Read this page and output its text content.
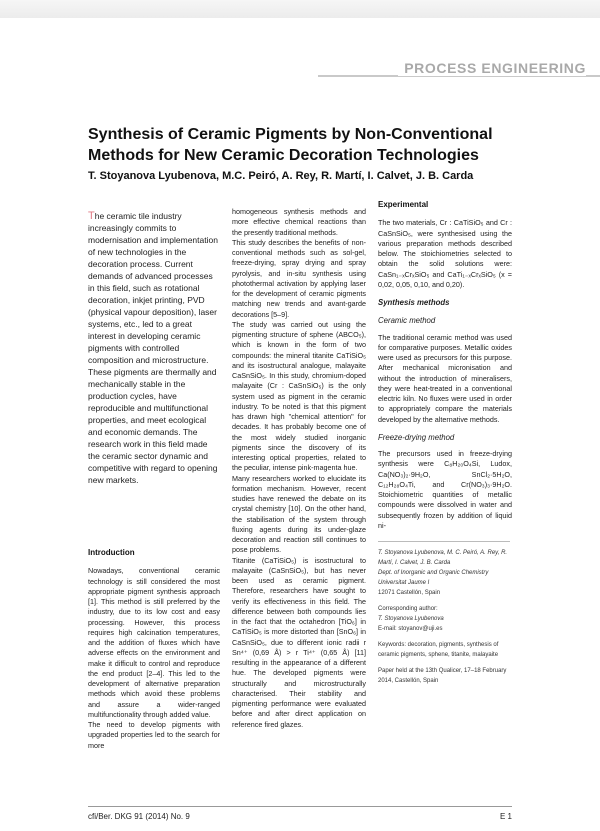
PROCESS ENGINEERING
Synthesis of Ceramic Pigments by Non-Conventional Methods for New Ceramic Decoration Technologies
T. Stoyanova Lyubenova, M.C. Peiró, A. Rey, R. Martí, I. Calvet, J. B. Carda
The ceramic tile industry increasingly commits to modernisation and implementation of new technologies in the decoration process. Current demands of advanced processes in this field, such as rotational decoration, inkjet printing, PVD (physical vapour deposition), laser systems, etc., led to a great interest in developing ceramic pigments with controlled composition and microstructure. These pigments are thermally and mechanically stable in the production cycles, have reproducible and multifunctional properties, and meet ecological and economic demands. The research work in this field made the ceramic sector dynamic and competitive with regard to opening new markets.
Introduction

Nowadays, conventional ceramic technology is still considered the most appropriate pigment synthesis approach [1]. This method is still preferred by the industry, due to its low cost and easy processing. However, this process requires high calcination temperatures, and the addition of fluxes which have adverse effects on the environment and make it difficult to control and reproduce the end product [2–4]. This led to the development of alternative preparation methods which avoid these problems and assure a wider-ranged multifunctionality through added value.

The need to develop pigments with upgraded properties led to the search for more

homogeneous synthesis methods and more effective chemical reactions than the presently traditional methods.

This study describes the benefits of non-conventional methods such as sol-gel, freeze-drying, spray drying and spray pyrolysis, and in-situ synthesis using photothermal activation by applying laser for the development of ceramic pigments matching new trends and avant-garde decorations [5–9].

The study was carried out using the pigmenting structure of sphene (ABCO₅), which is known in the form of two compounds: the mineral titanite CaTiSiO₅ and its isostructural analogue, malayaite CaSnSiO₅. In this study, chromium-doped malayaite (Cr : CaSnSiO₅) is the only system used as pigment in the ceramic industry. To be noted is that this pigment has drawn high "chemical attention" for decades. It has probably become one of the most widely studied inorganic pigments since the discovery of its interesting optical properties, related to the peculiar, intense pink-magenta hue.

Many researchers worked to elucidate its formation mechanism. However, recent studies have renewed the debate on its crystal chemistry [10]. On the other hand, the stabilisation of the system through fluxing agents during its under-glaze decoration and reaction still continues to pose problems.

Titanite (CaTiSiO₅) is isostructural to malayaite (CaSnSiO₅), but has never been used as ceramic pigment. Therefore, researchers have sought to verify its effectiveness in this field. The difference between both compounds lies in the fact that the octahedron [TiO₆] in CaTiSiO₅ is more distorted than [SnO₆] in CaSnSiO₅, due to different ionic radii r Sn⁴⁺ (0,69 Å) > r Ti⁴⁺ (0,65 Å) [11] resulting in the appearance of a different hue. The developed pigments were structurally and microstructurally characterised. Their stability and pigmenting performance were evaluated before and after direct application on reference fired glazes.

Experimental

The two materials, Cr : CaTiSiO₅ and Cr : CaSnSiO₅, were synthesised using the various preparation methods described below. The stoichiometries selected to obtain the solid solutions were: CaSn₁₋ₓCrₓSiO₅ and CaTi₁₋ₓCrₓSiO₅ (x = 0,02, 0,05, 0,10, and 0,20).

Synthesis methods
Ceramic method

The traditional ceramic method was used for comparative purposes. Metallic oxides were used as precursors for this purpose. After mechanical micronisation and without the introduction of mineralisers, they were heat-treated in a conventional electric kiln. No fluxes were used in order to appropriately compare the materials developed by the alternative methods.

Freeze-drying method

The precursors used in freeze-drying synthesis were C₈H₂₀O₄Si, Ludox, Ca(NO₃)₂·9H₂O, SnCl₂·5H₂O, C₁₂H₂₈O₄Ti, and Cr(NO₃)₃·9H₂O. Stoichiometric quantities of metallic compounds were dissolved in water and subsequently frozen by addition of liquid ni-

T. Stoyanova Lyubenova, M. C. Peiró, A. Rey, R. Martí, I. Calvet, J. B. Carda
Dept. of Inorganic and Organic Chemistry
Universitat Jaume I
12071 Castellón, Spain
Corresponding author:
T. Stoyanova Lyubenova
E-mail: stoyanov@uji.es
Keywords: decoration, pigments, synthesis of ceramic pigments, sphene, titanite, malayaite
Paper held at the 13th Qualicer, 17–18 February 2014, Castellón, Spain
cfi/Ber. DKG 91 (2014) No. 9	E 1
